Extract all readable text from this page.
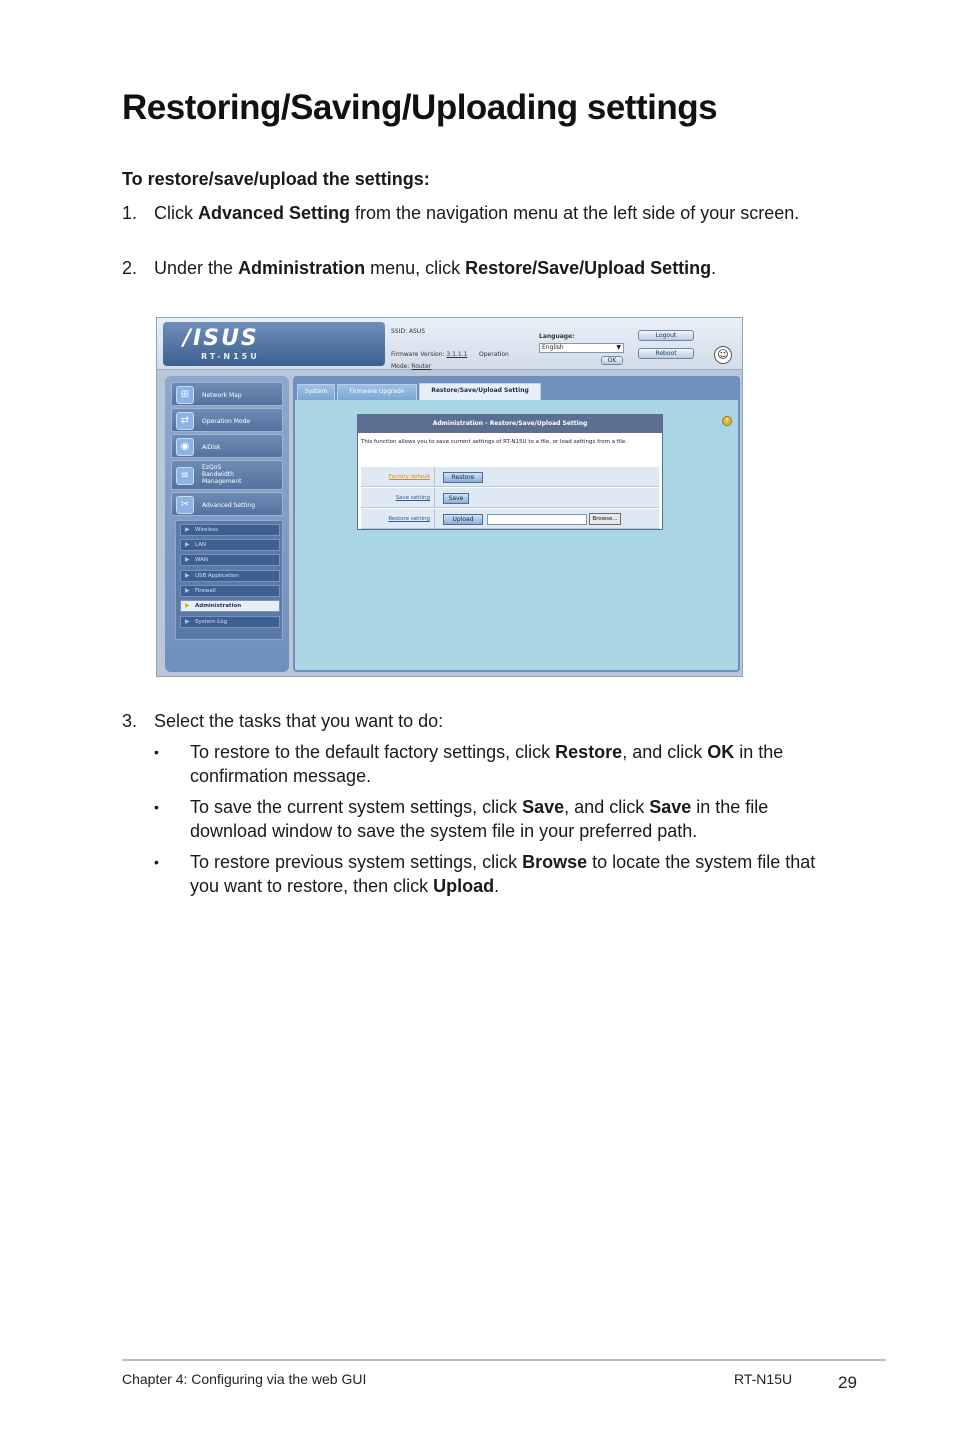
Restoring/Saving/Uploading settings
To restore/save/upload the settings:
1. Click Advanced Setting from the navigation menu at the left side of your screen.
2. Under the Administration menu, click Restore/Save/Upload Setting.
/ISUS
RT-N15U
SSID: ASUS
Firmware Version: 3.1.1.1 Operation
Mode: Router
Language:
English	▼
OK
Logout
Reboot	☺
⊞	Network Map
⇄	Operation Mode
◉	AiDisk
≡
EzQoS Bandwidth Management
✂	Advanced Setting
▶ Wireless
▶ LAN
▶ WAN
▶ USB Application
▶ Firewall
▶ Administration
▶ System Log
System	Firmware Upgrade	Restore/Save/Upload Setting
?
Administration - Restore/Save/Upload Setting
This function allows you to save current settings of RT-N15U to a file, or load settings from a file.
Factory default	Restore
Save setting	Save
Restore setting	Upload	Browse...
3. Select the tasks that you want to do:
• To restore to the default factory settings, click Restore, and click OK in the confirmation message.
• To save the current system settings, click Save, and click Save in the file download window to save the system file in your preferred path.
• To restore previous system settings, click Browse to locate the system file that you want to restore, then click Upload.
Chapter 4: Configuring via the web GUI	RT-N15U	29
